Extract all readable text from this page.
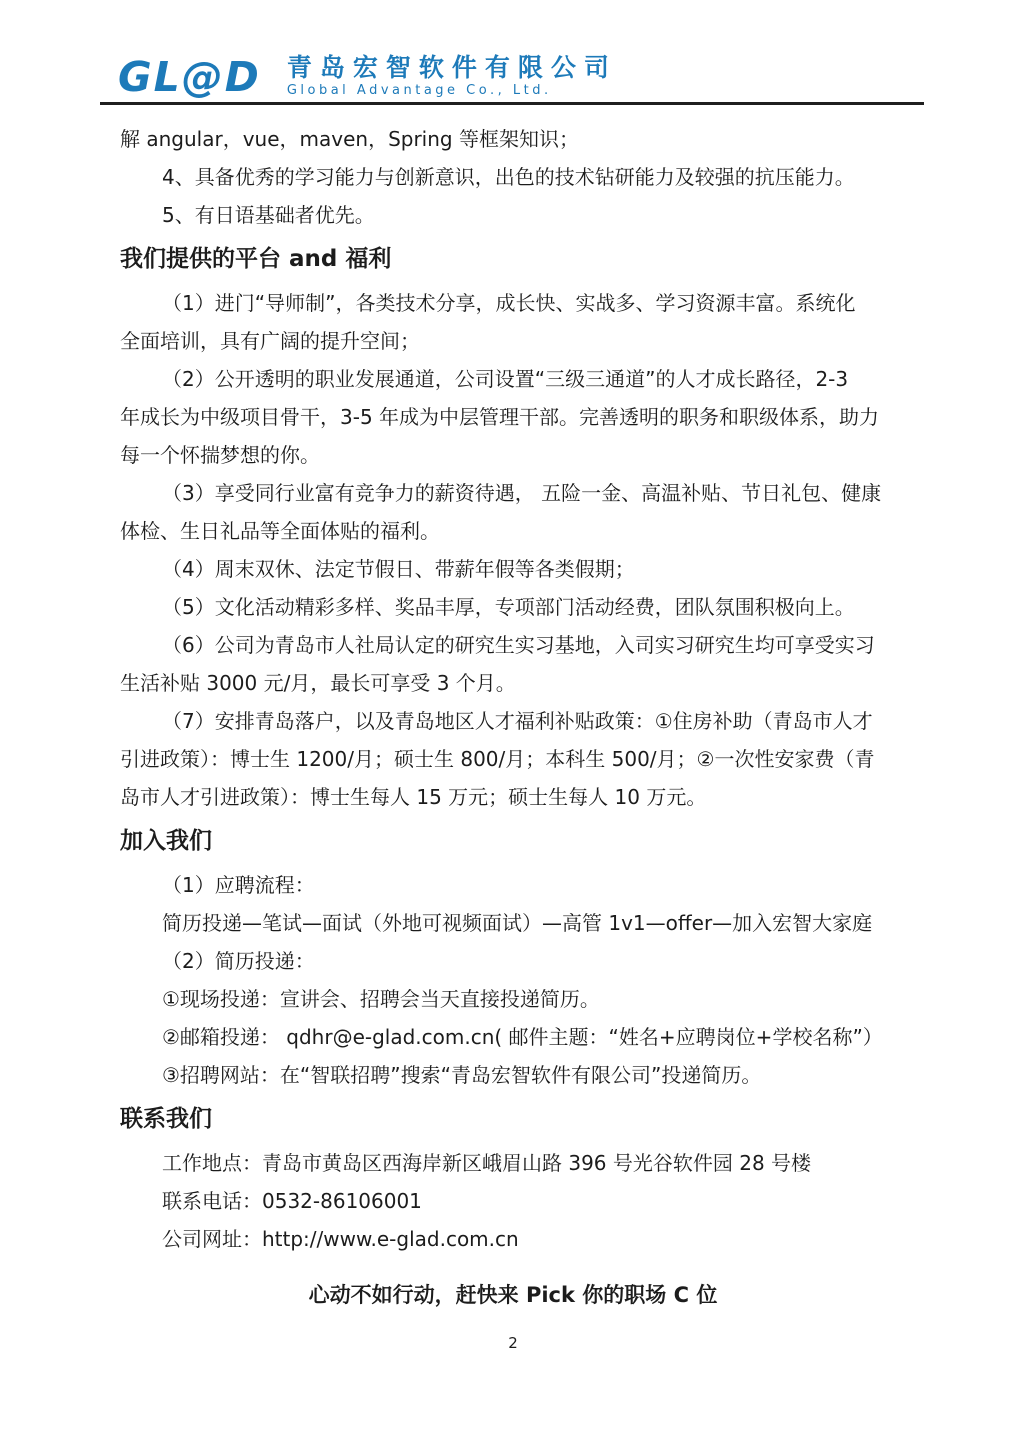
GL@D 青岛宏智软件有限公司
Global Advantage Co., Ltd.
解 angular，vue，maven，Spring 等框架知识；
4、具备优秀的学习能力与创新意识，出色的技术钻研能力及较强的抗压能力。
5、有日语基础者优先。
我们提供的平台 and 福利
（1）进门“导师制”，各类技术分享，成长快、实战多、学习资源丰富。系统化
全面培训，具有广阔的提升空间；
（2）公开透明的职业发展通道，公司设置“三级三通道”的人才成长路径，2-3
年成长为中级项目骨干，3-5 年成为中层管理干部。完善透明的职务和职级体系，助力
每一个怀揣梦想的你。
（3）享受同行业富有竞争力的薪资待遇， 五险一金、高温补贴、节日礼包、健康
体检、生日礼品等全面体贴的福利。
（4）周末双休、法定节假日、带薪年假等各类假期；
（5）文化活动精彩多样、奖品丰厚，专项部门活动经费，团队氛围积极向上。
（6）公司为青岛市人社局认定的研究生实习基地，入司实习研究生均可享受实习
生活补贴 3000 元/月，最长可享受 3 个月。
（7）安排青岛落户，以及青岛地区人才福利补贴政策：①住房补助（青岛市人才
引进政策）：博士生 1200/月；硕士生 800/月；本科生 500/月；②一次性安家费（青
岛市人才引进政策）：博士生每人 15 万元；硕士生每人 10 万元。
加入我们
（1）应聘流程：
简历投递—笔试—面试（外地可视频面试）—高管 1v1—offer—加入宏智大家庭
（2）简历投递：
①现场投递：宣讲会、招聘会当天直接投递简历。
②邮箱投递： qdhr@e-glad.com.cn( 邮件主题：“姓名+应聘岗位+学校名称”）
③招聘网站：在“智联招聘”搜索“青岛宏智软件有限公司”投递简历。
联系我们
工作地点：青岛市黄岛区西海岸新区峨眉山路 396 号光谷软件园 28 号楼
联系电话：0532-86106001
公司网址：http://www.e-glad.com.cn
心动不如行动，赶快来 Pick 你的职场 C 位
2
